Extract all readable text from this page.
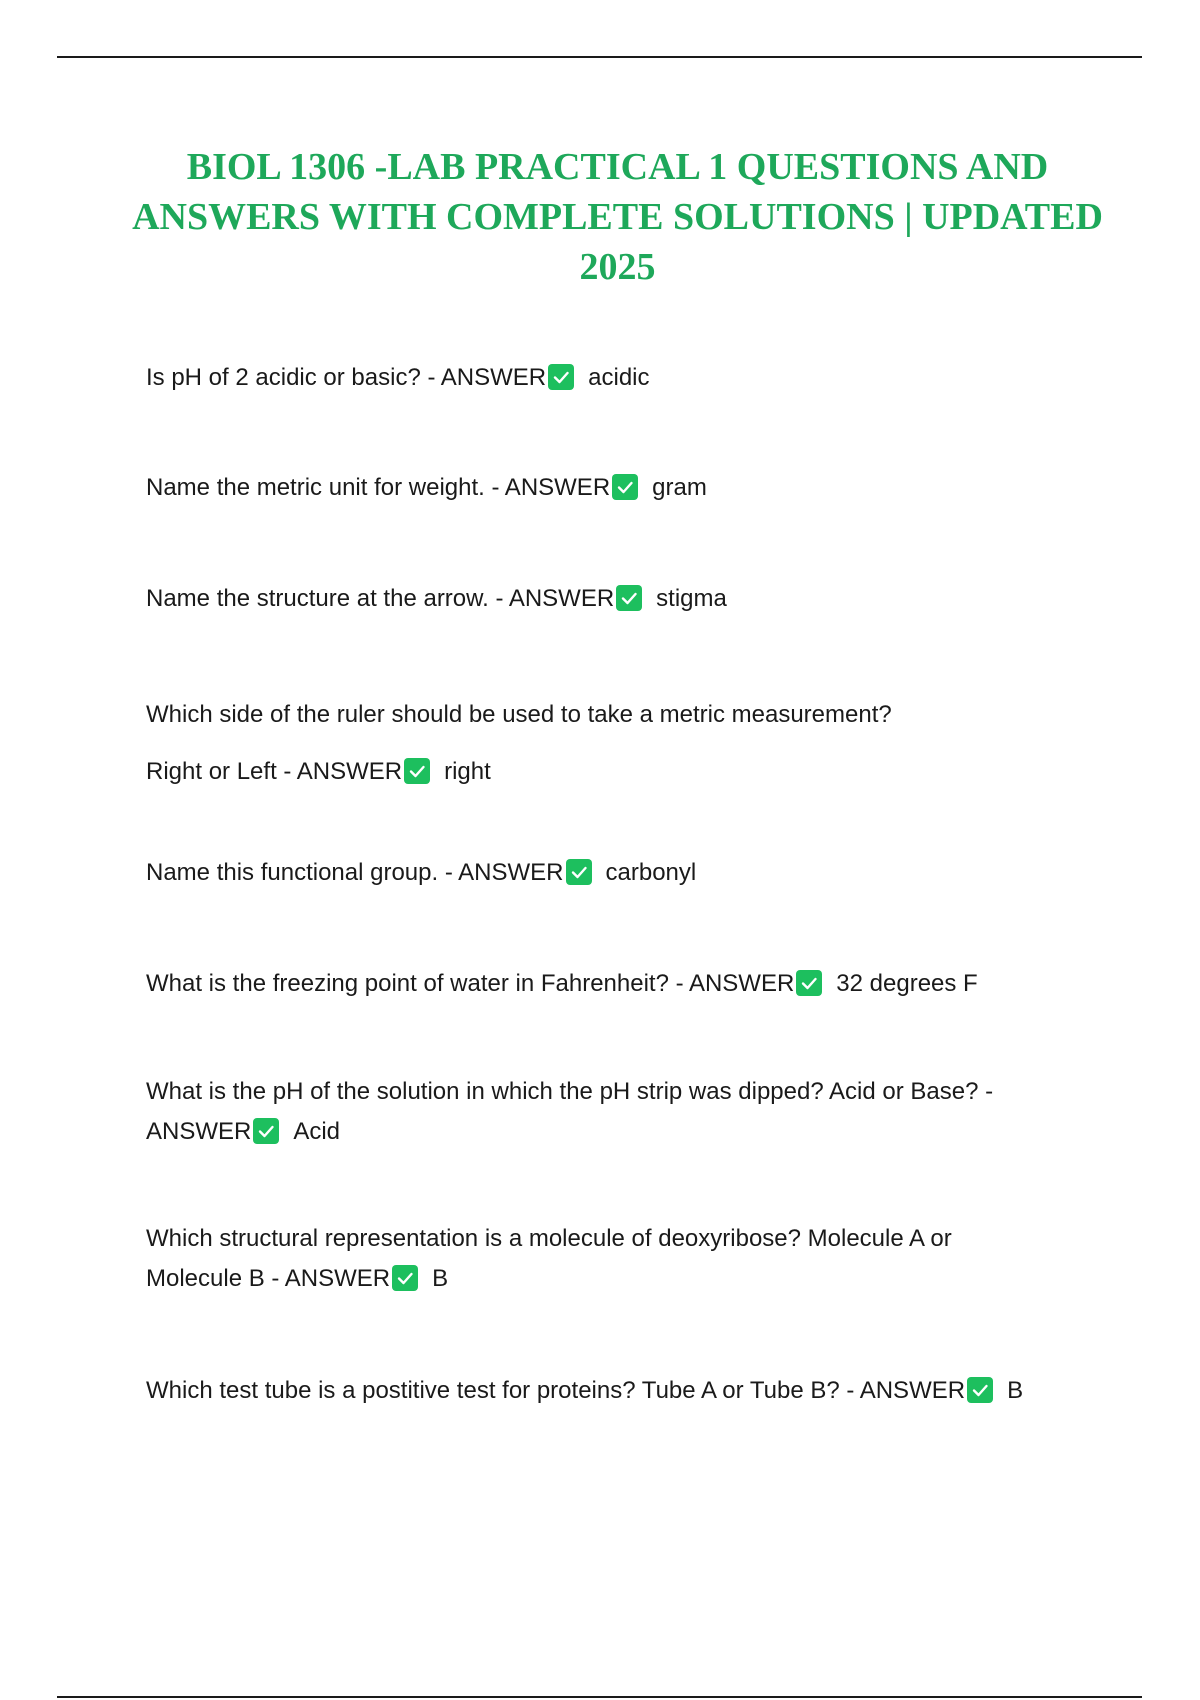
BIOL 1306 -LAB PRACTICAL 1 QUESTIONS AND ANSWERS WITH COMPLETE SOLUTIONS | UPDATED 2025

Is pH of 2 acidic or basic? - ANSWER acidic

Name the metric unit for weight. - ANSWER gram

Name the structure at the arrow. - ANSWER stigma

Which side of the ruler should be used to take a metric measurement?
Right or Left - ANSWER right

Name this functional group. - ANSWER carbonyl

What is the freezing point of water in Fahrenheit? - ANSWER 32 degrees F

What is the pH of the solution in which the pH strip was dipped? Acid or Base? -
ANSWER Acid

Which structural representation is a molecule of deoxyribose? Molecule A or
Molecule B - ANSWER B

Which test tube is a postitive test for proteins? Tube A or Tube B? - ANSWER B
